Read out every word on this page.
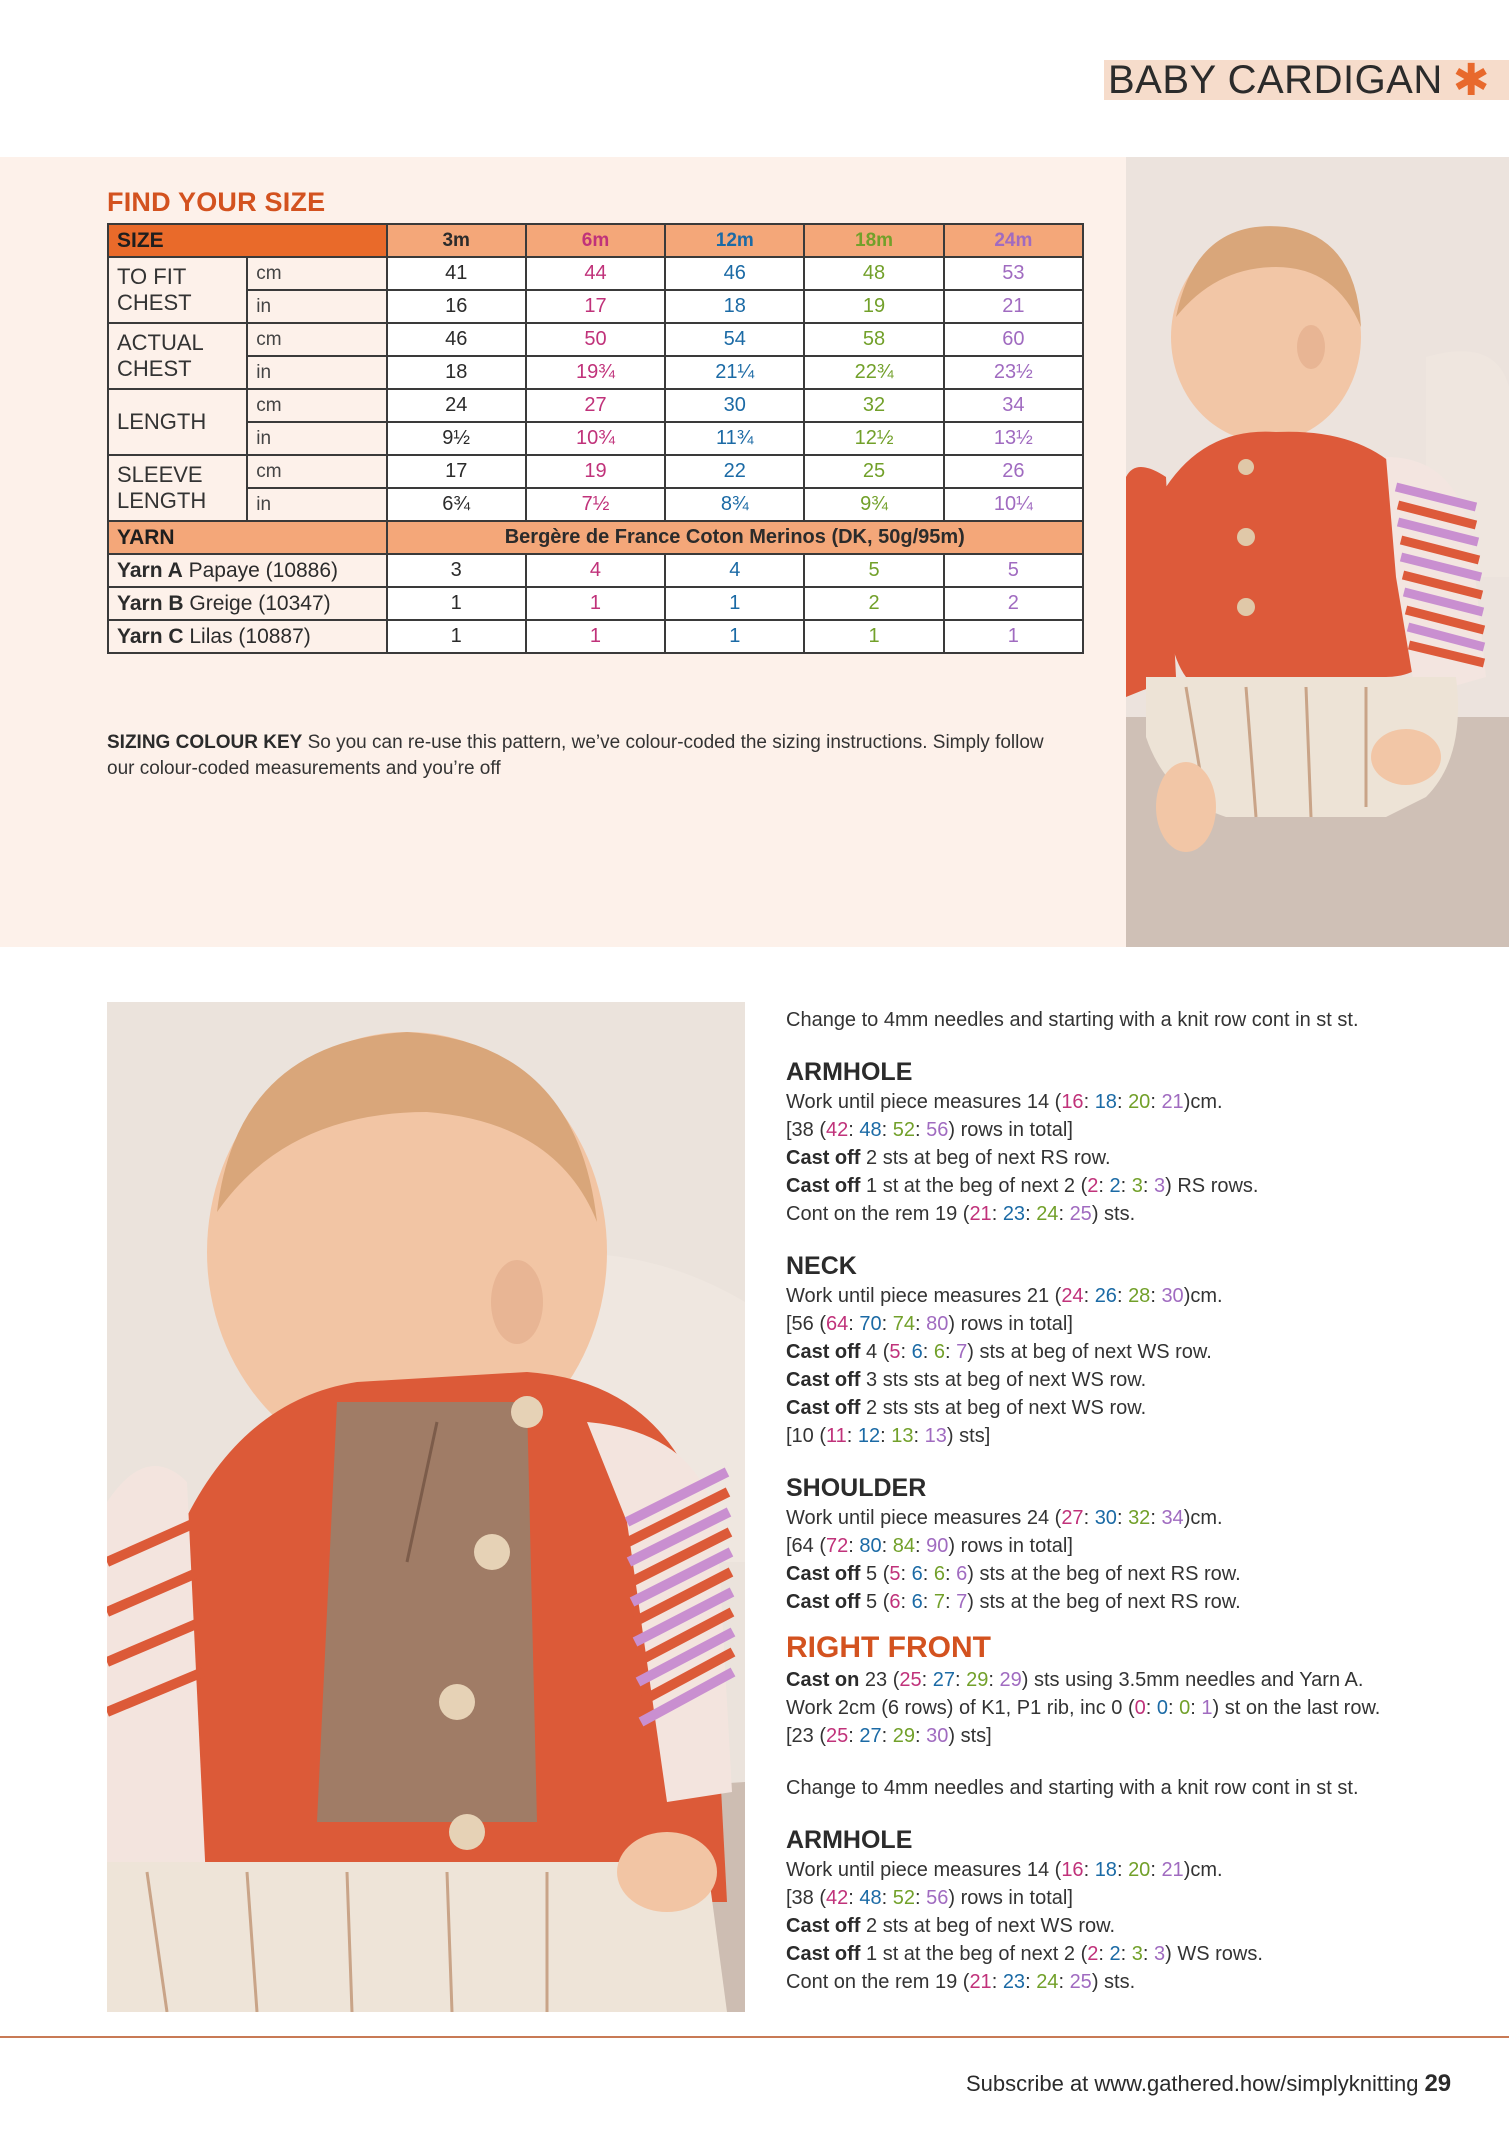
BABY CARDIGAN ✱
FIND YOUR SIZE
SIZE		3m	6m	12m	18m	24m
TO FIT CHEST	cm	41	44	46	48	53
	in	16	17	18	19	21
ACTUAL CHEST	cm	46	50	54	58	60
	in	18	19¾	21¼	22¾	23½
LENGTH	cm	24	27	30	32	34
	in	9½	10¾	11¾	12½	13½
SLEEVE LENGTH	cm	17	19	22	25	26
	in	6¾	7½	8¾	9¾	10¼
YARN		Bergère de France Coton Merinos (DK, 50g/95m)				
Yarn A Papaye (10886)		3	4	4	5	5
Yarn B Greige (10347)		1	1	1	2	2
Yarn C Lilas (10887)		1	1	1	1	1
SIZING COLOUR KEY So you can re-use this pattern, we’ve colour-coded the sizing instructions. Simply follow our colour-coded measurements and you’re off

Change to 4mm needles and starting with a knit row cont in st st.

ARMHOLE

Work until piece measures 14 (16: 18: 20: 21)cm.

[38 (42: 48: 52: 56) rows in total]

Cast off 2 sts at beg of next RS row.

Cast off 1 st at the beg of next 2 (2: 2: 3: 3) RS rows.

Cont on the rem 19 (21: 23: 24: 25) sts.

NECK

Work until piece measures 21 (24: 26: 28: 30)cm.

[56 (64: 70: 74: 80) rows in total]

Cast off 4 (5: 6: 6: 7) sts at beg of next WS row.

Cast off 3 sts sts at beg of next WS row.

Cast off 2 sts sts at beg of next WS row.

[10 (11: 12: 13: 13) sts]

SHOULDER

Work until piece measures 24 (27: 30: 32: 34)cm.

[64 (72: 80: 84: 90) rows in total]

Cast off 5 (5: 6: 6: 6) sts at the beg of next RS row.

Cast off 5 (6: 6: 7: 7) sts at the beg of next RS row.

RIGHT FRONT

Cast on 23 (25: 27: 29: 29) sts using 3.5mm needles and Yarn A.

Work 2cm (6 rows) of K1, P1 rib, inc 0 (0: 0: 0: 1) st on the last row.

[23 (25: 27: 29: 30) sts]

Change to 4mm needles and starting with a knit row cont in st st.

ARMHOLE

Work until piece measures 14 (16: 18: 20: 21)cm.

[38 (42: 48: 52: 56) rows in total]

Cast off 2 sts at beg of next WS row.

Cast off 1 st at the beg of next 2 (2: 2: 3: 3) WS rows.

Cont on the rem 19 (21: 23: 24: 25) sts.

Subscribe at www.gathered.how/simplyknitting 29
